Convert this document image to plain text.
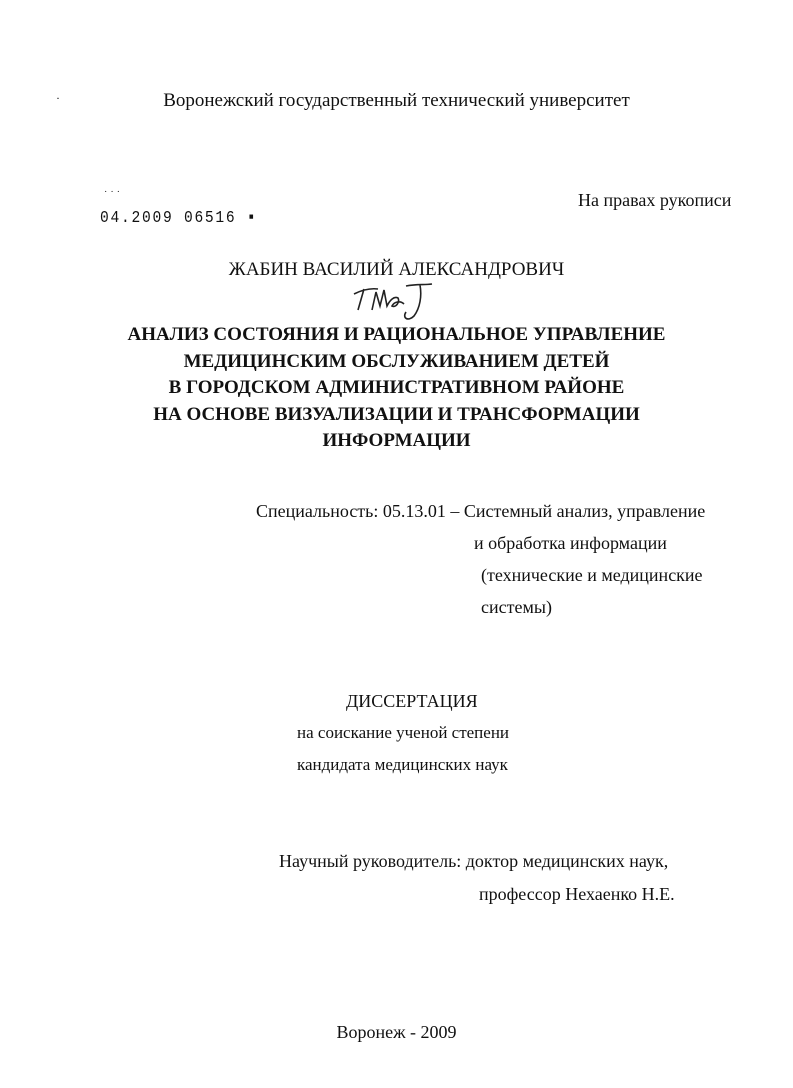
·	Воронежский государственный технический университет
На правах рукописи
˙˙˙
04.2009 06516 ▪
ЖАБИН ВАСИЛИЙ АЛЕКСАНДРОВИЧ
АНАЛИЗ СОСТОЯНИЯ И РАЦИОНАЛЬНОЕ УПРАВЛЕНИЕ
МЕДИЦИНСКИМ ОБСЛУЖИВАНИЕМ ДЕТЕЙ
В ГОРОДСКОМ АДМИНИСТРАТИВНОМ РАЙОНЕ
НА ОСНОВЕ ВИЗУАЛИЗАЦИИ И ТРАНСФОРМАЦИИ
ИНФОРМАЦИИ
Специальность: 05.13.01 – Системный анализ, управление
и обработка информации
(технические и медицинские
системы)
ДИССЕРТАЦИЯ
на соискание ученой степени
кандидата медицинских наук
Научный руководитель: доктор медицинских наук,
профессор Нехаенко Н.Е.
Воронеж - 2009
